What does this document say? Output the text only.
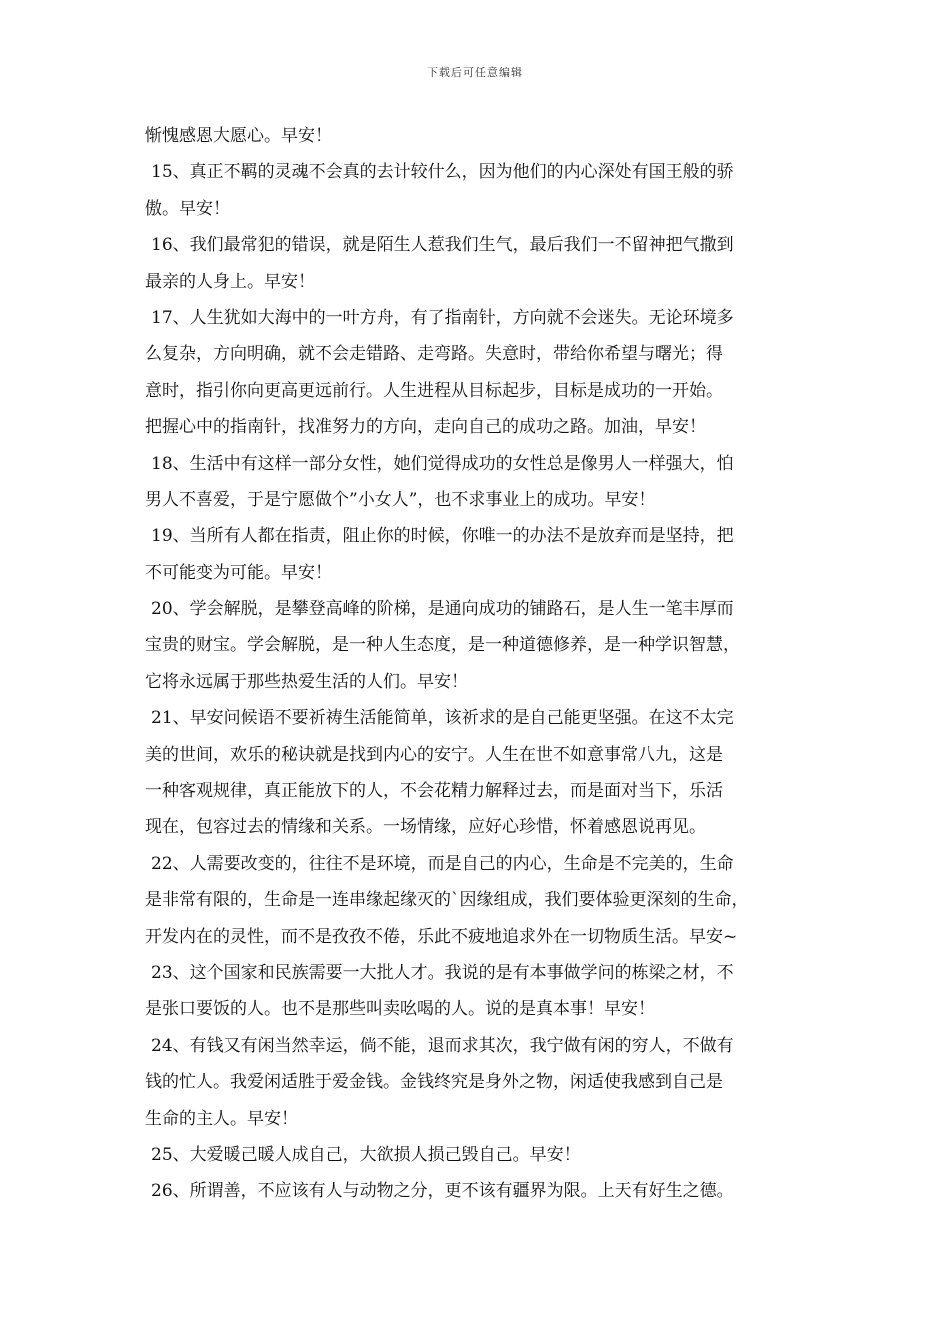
下载后可任意编辑
惭愧感恩大愿心。早安！
15、真正不羁的灵魂不会真的去计较什么，因为他们的内心深处有国王般的骄
傲。早安！
16、我们最常犯的错误，就是陌生人惹我们生气，最后我们一不留神把气撒到
最亲的人身上。早安！
17、人生犹如大海中的一叶方舟，有了指南针，方向就不会迷失。无论环境多
么复杂，方向明确，就不会走错路、走弯路。失意时，带给你希望与曙光；得
意时，指引你向更高更远前行。人生进程从目标起步，目标是成功的一开始。
把握心中的指南针，找准努力的方向，走向自己的成功之路。加油，早安！
18、生活中有这样一部分女性，她们觉得成功的女性总是像男人一样强大，怕
男人不喜爱，于是宁愿做个”小女人”，也不求事业上的成功。早安！
19、当所有人都在指责，阻止你的时候，你唯一的办法不是放弃而是坚持，把
不可能变为可能。早安！
20、学会解脱，是攀登高峰的阶梯，是通向成功的铺路石，是人生一笔丰厚而
宝贵的财宝。学会解脱，是一种人生态度，是一种道德修养，是一种学识智慧，
它将永远属于那些热爱生活的人们。早安！
21、早安问候语不要祈祷生活能简单，该祈求的是自己能更坚强。在这不太完
美的世间，欢乐的秘诀就是找到内心的安宁。人生在世不如意事常八九，这是
一种客观规律，真正能放下的人，不会花精力解释过去，而是面对当下，乐活
现在，包容过去的情缘和关系。一场情缘，应好心珍惜，怀着感恩说再见。
22、人需要改变的，往往不是环境，而是自己的内心，生命是不完美的，生命
是非常有限的，生命是一连串缘起缘灭的`因缘组成，我们要体验更深刻的生命，
开发内在的灵性，而不是孜孜不倦，乐此不疲地追求外在一切物质生活。早安~
23、这个国家和民族需要一大批人才。我说的是有本事做学问的栋梁之材，不
是张口要饭的人。也不是那些叫卖吆喝的人。说的是真本事！早安！
24、有钱又有闲当然幸运，倘不能，退而求其次，我宁做有闲的穷人，不做有
钱的忙人。我爱闲适胜于爱金钱。金钱终究是身外之物，闲适使我感到自己是
生命的主人。早安！
25、大爱暖己暖人成自己，大欲损人损己毁自己。早安！
26、所谓善，不应该有人与动物之分，更不该有疆界为限。上天有好生之德。
